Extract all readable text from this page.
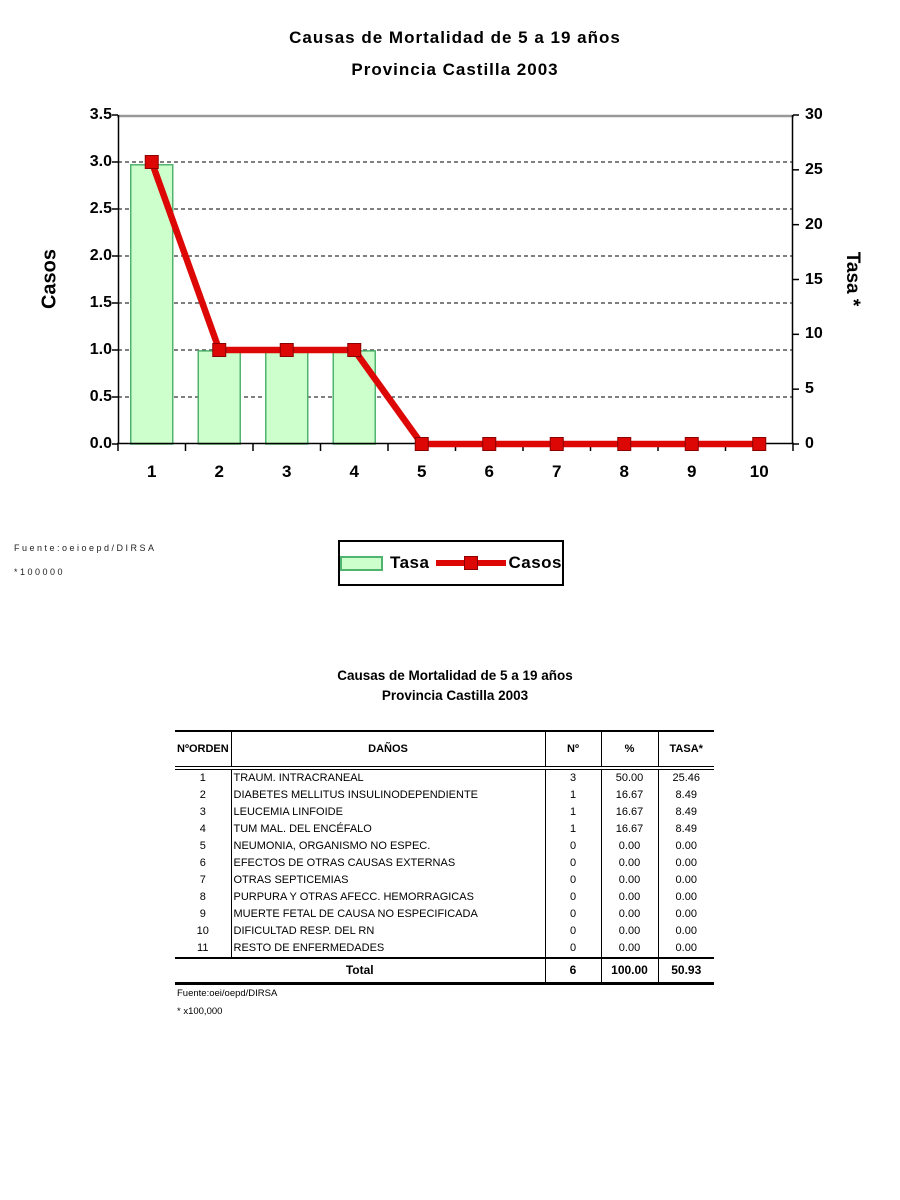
Causas de Mortalidad de 5 a 19 años
Provincia Castilla 2003
Casos	Tasa *
Fuente:oeioepd/DIRSA
*100000	Tasa	Casos
Causas de Mortalidad de 5 a 19 años
Provincia Castilla 2003
NºORDEN	DAÑOS	Nº	%	TASA*
1	TRAUM. INTRACRANEAL	3	50.00	25.46
2	DIABETES MELLITUS INSULINODEPENDIENTE	1	16.67	8.49
3	LEUCEMIA LINFOIDE	1	16.67	8.49
4	TUM MAL. DEL ENCÉFALO	1	16.67	8.49
5	NEUMONIA, ORGANISMO NO ESPEC.	0	0.00	0.00
6	EFECTOS DE OTRAS CAUSAS EXTERNAS	0	0.00	0.00
7	OTRAS SEPTICEMIAS	0	0.00	0.00
8	PURPURA Y OTRAS AFECC. HEMORRAGICAS	0	0.00	0.00
9	MUERTE FETAL DE CAUSA NO ESPECIFICADA	0	0.00	0.00
10	DIFICULTAD RESP. DEL RN	0	0.00	0.00
11	RESTO DE ENFERMEDADES	0	0.00	0.00
Total		6	100.00	50.93
Fuente:oei/oepd/DIRSA
* x100,000
0.0
0.5
1.0
1.5
2.0
2.5
3.0
3.5
0
5
10
15
20
25
30
1	2	3	4	5	6	7	8	9	10
